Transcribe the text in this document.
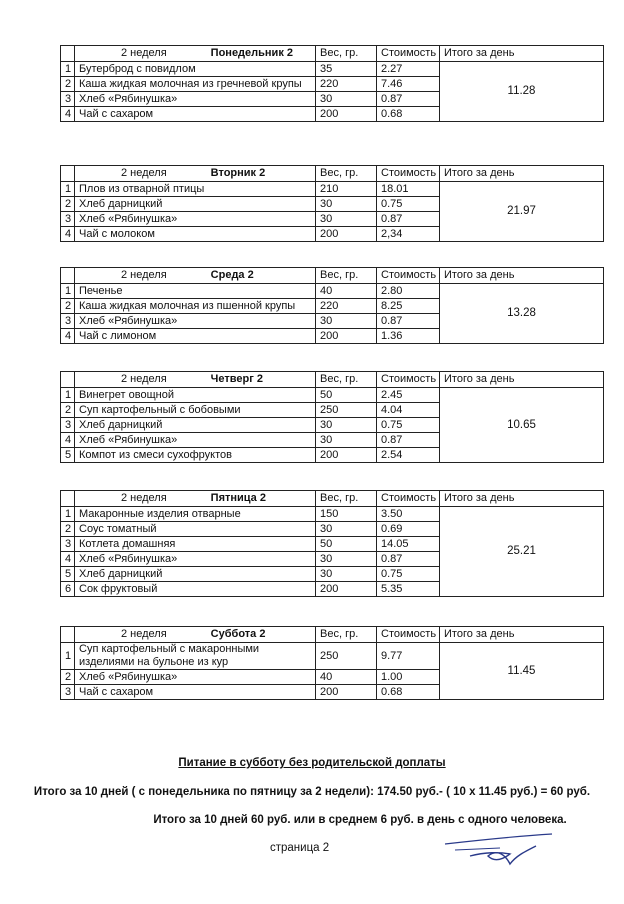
	2 неделя Понедельник 2	Вес, гр.	Стоимость	Итого за день
1	Бутерброд с повидлом	35	2.27	11.28
2	Каша жидкая молочная из гречневой крупы	220	7.46	
3	Хлеб «Рябинушка»	30	0.87	
4	Чай с сахаром	200	0.68	
	2 неделя Вторник 2	Вес, гр.	Стоимость	Итого за день
1	Плов из отварной птицы	210	18.01	21.97
2	Хлеб дарницкий	30	0.75	
3	Хлеб «Рябинушка»	30	0.87	
4	Чай с молоком	200	2,34	
	2 неделя Среда 2	Вес, гр.	Стоимость	Итого за день
1	Печенье	40	2.80	13.28
2	Каша жидкая молочная из пшенной крупы	220	8.25	
3	Хлеб «Рябинушка»	30	0.87	
4	Чай с лимоном	200	1.36	
	2 неделя Четверг 2	Вес, гр.	Стоимость	Итого за день
1	Винегрет овощной	50	2.45	10.65
2	Суп картофельный с бобовыми	250	4.04	
3	Хлеб дарницкий	30	0.75	
4	Хлеб «Рябинушка»	30	0.87	
5	Компот из смеси сухофруктов	200	2.54	
	2 неделя Пятница 2	Вес, гр.	Стоимость	Итого за день
1	Макаронные изделия отварные	150	3.50	25.21
2	Соус томатный	30	0.69	
3	Котлета домашняя	50	14.05	
4	Хлеб «Рябинушка»	30	0.87	
5	Хлеб дарницкий	30	0.75	
6	Сок фруктовый	200	5.35	
	2 неделя Суббота 2	Вес, гр.	Стоимость	Итого за день
1	Суп картофельный с макаронными изделиями на бульоне из кур	250	9.77	11.45
2	Хлеб «Рябинушка»	40	1.00	
3	Чай с сахаром	200	0.68	
Питание в субботу без родительской доплаты
Итого за 10 дней ( с понедельника по пятницу за 2 недели): 174.50 руб.- ( 10 х 11.45 руб.) = 60 руб.
Итого за 10 дней 60 руб. или в среднем 6 руб. в день с одного человека.
страница 2
